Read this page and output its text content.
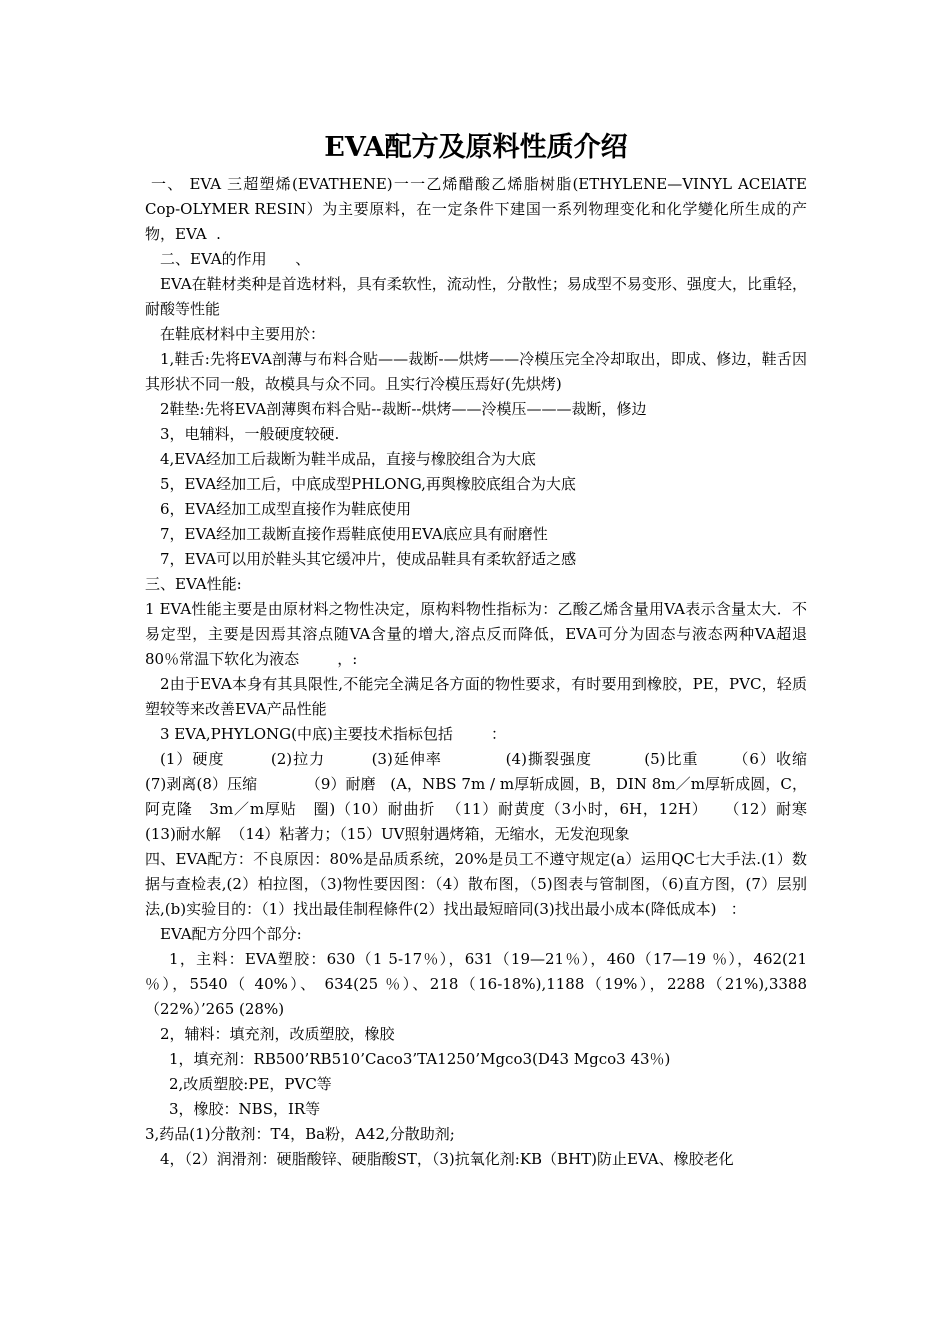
EVA配方及原料性质介绍

一、 EVA 三超塑烯(EVATHENE)一一乙烯醋酸乙烯脂树脂(ETHYLENE—VINYL ACElATE Cop-OLYMER RESIN）为主要原料，在一定条件下建国一系列物理变化和化学變化所生成的产物，EVA  .

二、EVA的作用      、

EVA在鞋材类种是首选材料，具有柔软性，流动性，分散性；易成型不易变形、强度大，比重轻，耐酸等性能

在鞋底材料中主要用於：

1,鞋舌:先将EVA剖薄与布料合贴——裁断-—烘烤——冷模压完全冷却取出，即成、修边，鞋舌因其形状不同一般，故模具与众不同。且实行冷模压焉好(先烘烤)

2鞋垫:先将EVA剖薄舆布料合贴--裁断--烘烤——泠模压———裁断，修边

3，电辅料，一般硬度较硬.

4,EVA经加工后裁断为鞋半成品，直接与橡胶组合为大底

5，EVA经加工后，中底成型PHLONG,再舆橡胶底组合为大底

6，EVA经加工成型直接作为鞋底使用

7，EVA经加工裁断直接作焉鞋底使用EVA底应具有耐磨性

7，EVA可以用於鞋头其它缓冲片，使成品鞋具有柔软舒适之感

三、EVA性能:

1 EVA性能主要是由原材料之物性决定，原构料物性指标为：乙酸乙烯含量用VA表示含量太大．不易定型，主要是因焉其溶点随VA含量的增大,溶点反而降低，EVA可分为固态与液态两种VA超退80％常温下软化为液态        ，:

2由于EVA本身有其具限性,不能完全满足各方面的物性要求，有时要用到橡胶，PE，PVC，轻质塑较等来改善EVA产品性能

3 EVA,PHYLONG(中底)主要技术指标包括        ：

(1）硬度        (2)拉力        (3)延伸率           (4)撕裂强度         (5)比重      （6）收缩          (7)剥离(8）压缩          （9）耐磨   (A，NBS 7m / m厚斩成圆，B，DIN 8m／m厚斩成圆，C，阿克隆   3m／m厚贴   圈)（10）耐曲折  （11）耐黄度（3小时，6H，12H）   （12）耐寒   (13)耐水解  （14）粘著力；（15）UV照射遇烤箱，无缩水，无发泡现象

四、EVA配方：不良原因：80%是品质系统，20%是员工不遵守规定(a）运用QC七大手法.(1）数据与查检表,(2）柏拉图，（3)物性要因图：（4）散布图，（5)图表与管制图，（6)直方图，(7）层别法,(b)实验目的：（1）找出最佳制程條件(2）找出最短暗同(3)找出最小成本(降低成本)   ：

EVA配方分四个部分:

1，主料：EVA塑胶：630（1 5-17％），631（19—21％），460（17—19 ％），462(21 ％），5540（ 40%）、 634(25 ％）、218（16-18%),1188（19%），2288（21%),3388（22%）’265 (28%)

2，辅料：填充剂，改质塑胶，橡胶

1，填充剂：RB500’RB510’Caco3’TA1250’Mgco3(D43 Mgco3 43％)

2,改质塑胶:PE，PVC等

3，橡胶：NBS，IR等

3,药品(1)分散剂：T4，Ba粉，A42,分散助剂;

4，（2）润滑剂：硬脂酸锌、硬脂酸ST，（3)抗氧化剂:KB（BHT)防止EVA、橡胶老化
